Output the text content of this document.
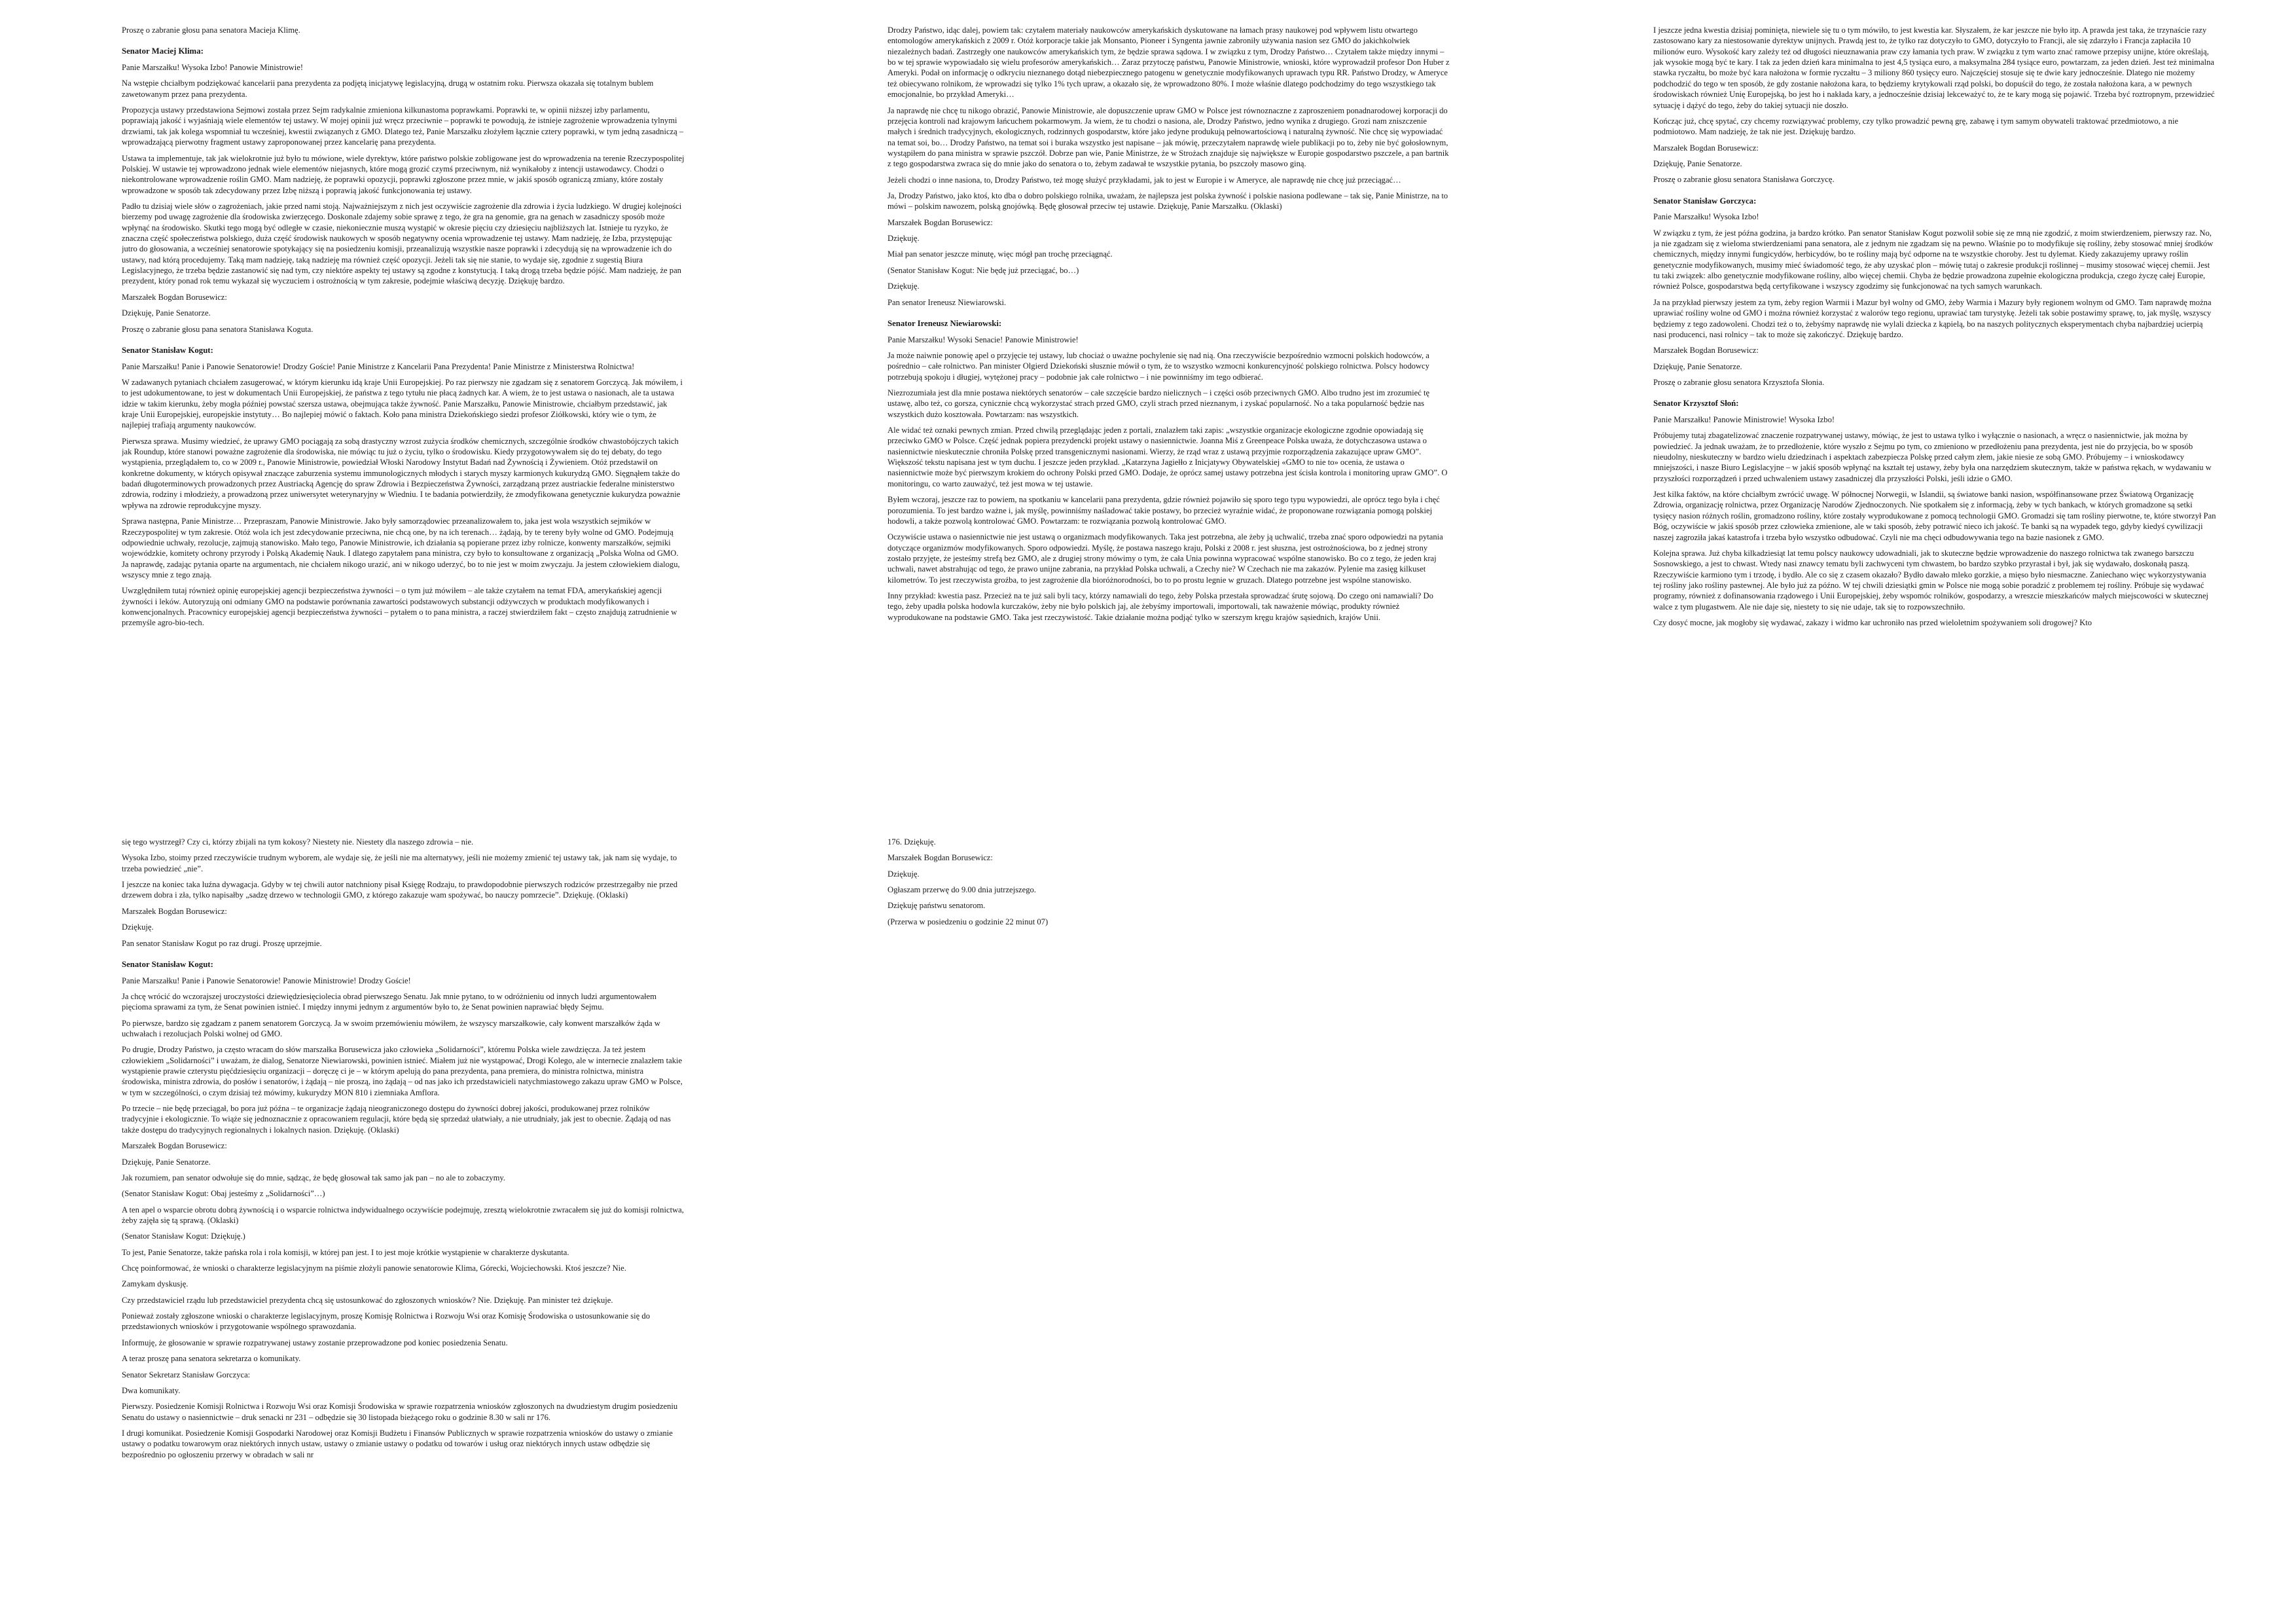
Proszę o zabranie głosu pana senatora Macieja Klimę.

Senator Maciej Klima:

Panie Marszałku! Wysoka Izbo! Panowie Ministrowie!

Na wstępie chciałbym podziękować kancelarii pana prezydenta za podjętą inicjatywę legislacyjną, drugą w ostatnim roku. Pierwsza okazała się totalnym bublem zawetowanym przez pana prezydenta.

Propozycja ustawy przedstawiona Sejmowi została przez Sejm radykalnie zmieniona kilkunastoma poprawkami. Poprawki te, w opinii niższej izby parlamentu, poprawiają jakość i wyjaśniają wiele elementów tej ustawy. W mojej opinii już wręcz przeciwnie – poprawki te powodują, że istnieje zagrożenie wprowadzenia tylnymi drzwiami, tak jak kolega wspomniał tu wcześniej, kwestii związanych z GMO. Dlatego też, Panie Marszałku złożyłem łącznie cztery poprawki, w tym jedną zasadniczą – wprowadzającą pierwotny fragment ustawy zaproponowanej przez kancelarię pana prezydenta.

Ustawa ta implementuje, tak jak wielokrotnie już było tu mówione, wiele dyrektyw, które państwo polskie zobligowane jest do wprowadzenia na terenie Rzeczypospolitej Polskiej. W ustawie tej wprowadzono jednak wiele elementów niejasnych, które mogą grozić czymś przeciwnym, niż wynikałoby z intencji ustawodawcy. Chodzi o niekontrolowane wprowadzenie roślin GMO. Mam nadzieję, że poprawki opozycji, poprawki zgłoszone przez mnie, w jakiś sposób ograniczą zmiany, które zostały wprowadzone w sposób tak zdecydowany przez Izbę niższą i poprawią jakość funkcjonowania tej ustawy.

Padło tu dzisiaj wiele słów o zagrożeniach, jakie przed nami stoją. Najważniejszym z nich jest oczywiście zagrożenie dla zdrowia i życia ludzkiego. W drugiej kolejności bierzemy pod uwagę zagrożenie dla środowiska zwierzęcego. Doskonale zdajemy sobie sprawę z tego, że gra na genomie, gra na genach w zasadniczy sposób może wpłynąć na środowisko. Skutki tego mogą być odległe w czasie, niekoniecznie muszą wystąpić w okresie pięciu czy dziesięciu najbliższych lat. Istnieje tu ryzyko, że znaczna część społeczeństwa polskiego, duża część środowisk naukowych w sposób negatywny ocenia wprowadzenie tej ustawy. Mam nadzieję, że Izba, przystępując jutro do głosowania, a wcześniej senatorowie spotykający się na posiedzeniu komisji, przeanalizują wszystkie nasze poprawki i zdecydują się na wprowadzenie ich do ustawy, nad którą procedujemy. Taką mam nadzieję, taką nadzieję ma również część opozycji. Jeżeli tak się nie stanie, to wydaje się, zgodnie z sugestią Biura Legislacyjnego, że trzeba będzie zastanowić się nad tym, czy niektóre aspekty tej ustawy są zgodne z konstytucją. I taką drogą trzeba będzie pójść. Mam nadzieję, że pan prezydent, który ponad rok temu wykazał się wyczuciem i ostrożnością w tym zakresie, podejmie właściwą decyzję. Dziękuję bardzo.

Marszałek Bogdan Borusewicz:

Dziękuję, Panie Senatorze.

Proszę o zabranie głosu pana senatora Stanisława Koguta.

Senator Stanisław Kogut:

Panie Marszałku! Panie i Panowie Senatorowie! Drodzy Goście! Panie Ministrze z Kancelarii Pana Prezydenta! Panie Ministrze z Ministerstwa Rolnictwa!

W zadawanych pytaniach chciałem zasugerować, w którym kierunku idą kraje Unii Europejskiej. Po raz pierwszy nie zgadzam się z senatorem Gorczycą. Jak mówiłem, i to jest udokumentowane, to jest w dokumentach Unii Europejskiej, że państwa z tego tytułu nie płacą żadnych kar. A wiem, że to jest ustawa o nasionach, ale ta ustawa idzie w takim kierunku, żeby mogła później powstać szersza ustawa, obejmująca także żywność. Panie Marszałku, Panowie Ministrowie, chciałbym przedstawić, jak kraje Unii Europejskiej, europejskie instytuty… Bo najlepiej mówić o faktach. Koło pana ministra Dziekońskiego siedzi profesor Ziółkowski, który wie o tym, że najlepiej trafiają argumenty naukowców.

Pierwsza sprawa. Musimy wiedzieć, że uprawy GMO pociągają za sobą drastyczny wzrost zużycia środków chemicznych, szczególnie środków chwastobójczych takich jak Roundup, które stanowi poważne zagrożenie dla środowiska, nie mówiąc tu już o życiu, tylko o środowisku. Kiedy przygotowywałem się do tej debaty, do tego wystąpienia, przeglądałem to, co w 2009 r., Panowie Ministrowie, powiedział Włoski Narodowy Instytut Badań nad Żywnością i Żywieniem. Otóż przedstawił on konkretne dokumenty, w których opisywał znaczące zaburzenia systemu immunologicznych młodych i starych myszy karmionych kukurydzą GMO. Sięgnąłem także do badań długoterminowych prowadzonych przez Austriacką Agencję do spraw Zdrowia i Bezpieczeństwa Żywności, zarządzaną przez austriackie federalne ministerstwo zdrowia, rodziny i młodzieży, a prowadzoną przez uniwersytet weterynaryjny w Wiedniu. I te badania potwierdziły, że zmodyfikowana genetycznie kukurydza poważnie wpływa na zdrowie reprodukcyjne myszy.

Sprawa następna, Panie Ministrze… Przepraszam, Panowie Ministrowie. Jako były samorządowiec przeanalizowałem to, jaka jest wola wszystkich sejmików w Rzeczypospolitej w tym zakresie. Otóż wola ich jest zdecydowanie przeciwna, nie chcą one, by na ich terenach… żądają, by te tereny były wolne od GMO. Podejmują odpowiednie uchwały, rezolucje, zajmują stanowisko. Mało tego, Panowie Ministrowie, ich działania są popierane przez izby rolnicze, konwenty marszałków, sejmiki wojewódzkie, komitety ochrony przyrody i Polską Akademię Nauk. I dlatego zapytałem pana ministra, czy było to konsultowane z organizacją „Polska Wolna od GMO. Ja naprawdę, zadając pytania oparte na argumentach, nie chciałem nikogo urazić, ani w nikogo uderzyć, bo to nie jest w moim zwyczaju. Ja jestem człowiekiem dialogu, wszyscy mnie z tego znają.

Uwzględniłem tutaj również opinię europejskiej agencji bezpieczeństwa żywności – o tym już mówiłem – ale także czytałem na temat FDA, amerykańskiej agencji żywności i leków. Autoryzują oni odmiany GMO na podstawie porównania zawartości podstawowych substancji odżywczych w produktach modyfikowanych i konwencjonalnych. Pracownicy europejskiej agencji bezpieczeństwa żywności – pytałem o to pana ministra, a raczej stwierdziłem fakt – często znajdują zatrudnienie w przemyśle agro-bio-tech.

Drodzy Państwo, idąc dalej, powiem tak: czytałem materiały naukowców amerykańskich dyskutowane na łamach prasy naukowej pod wpływem listu otwartego entomologów amerykańskich z 2009 r. Otóż korporacje takie jak Monsanto, Pioneer i Syngenta jawnie zabroniły używania nasion sez GMO do jakichkolwiek niezależnych badań. Zastrzegły one naukowców amerykańskich tym, że będzie sprawa sądowa. I w związku z tym, Drodzy Państwo… Czytałem także między innymi – bo w tej sprawie wypowiadało się wielu profesorów amerykańskich… Zaraz przytoczę państwu, Panowie Ministrowie, wnioski, które wyprowadził profesor Don Huber z Ameryki. Podał on informację o odkryciu nieznanego dotąd niebezpiecznego patogenu w genetycznie modyfikowanych uprawach typu RR. Państwo Drodzy, w Ameryce też obiecywano rolnikom, że wprowadzi się tylko 1% tych upraw, a okazało się, że wprowadzono 80%. I może właśnie dlatego podchodzimy do tego wszystkiego tak emocjonalnie, bo przykład Ameryki…

Ja naprawdę nie chcę tu nikogo obrazić, Panowie Ministrowie, ale dopuszczenie upraw GMO w Polsce jest równoznaczne z zaproszeniem ponadnarodowej korporacji do przejęcia kontroli nad krajowym łańcuchem pokarmowym. Ja wiem, że tu chodzi o nasiona, ale, Drodzy Państwo, jedno wynika z drugiego. Grozi nam zniszczenie małych i średnich tradycyjnych, ekologicznych, rodzinnych gospodarstw, które jako jedyne produkują pełnowartościową i naturalną żywność. Nie chcę się wypowiadać na temat soi, bo… Drodzy Państwo, na temat soi i buraka wszystko jest napisane – jak mówię, przeczytałem naprawdę wiele publikacji po to, żeby nie być gołosłownym, wystąpiłem do pana ministra w sprawie pszczół. Dobrze pan wie, Panie Ministrze, że w Strożach znajduje się największe w Europie gospodarstwo pszczele, a pan bartnik z tego gospodarstwa zwraca się do mnie jako do senatora o to, żebym zadawał te wszystkie pytania, bo pszczoły masowo giną.

Jeżeli chodzi o inne nasiona, to, Drodzy Państwo, też mogę służyć przykładami, jak to jest w Europie i w Ameryce, ale naprawdę nie chcę już przeciągać…

Ja, Drodzy Państwo, jako ktoś, kto dba o dobro polskiego rolnika, uważam, że najlepsza jest polska żywność i polskie nasiona podlewane – tak się, Panie Ministrze, na to mówi – polskim nawozem, polską gnojówką. Będę głosował przeciw tej ustawie. Dziękuję, Panie Marszałku. (Oklaski)

Marszałek Bogdan Borusewicz:

Dziękuję.

Miał pan senator jeszcze minutę, więc mógł pan trochę przeciągnąć.

(Senator Stanisław Kogut: Nie będę już przeciągać, bo…)

Dziękuję.

Pan senator Ireneusz Niewiarowski.

Senator Ireneusz Niewiarowski:

Panie Marszałku! Wysoki Senacie! Panowie Ministrowie!

Ja może naiwnie ponowię apel o przyjęcie tej ustawy, lub chociaż o uważne pochylenie się nad nią. Ona rzeczywiście bezpośrednio wzmocni polskich hodowców, a pośrednio – całe rolnictwo. Pan minister Olgierd Dziekoński słusznie mówił o tym, że to wszystko wzmocni konkurencyjność polskiego rolnictwa. Polscy hodowcy potrzebują spokoju i długiej, wytężonej pracy – podobnie jak całe rolnictwo – i nie powinniśmy im tego odbierać.

Niezrozumiała jest dla mnie postawa niektórych senatorów – całe szczęście bardzo nielicznych – i części osób przeciwnych GMO. Albo trudno jest im zrozumieć tę ustawę, albo też, co gorsza, cynicznie chcą wykorzystać strach przed GMO, czyli strach przed nieznanym, i zyskać popularność. No a taka popularność będzie nas wszystkich dużo kosztowała. Powtarzam: nas wszystkich.

Ale widać też oznaki pewnych zmian. Przed chwilą przeglądając jeden z portali, znalazłem taki zapis: „wszystkie organizacje ekologiczne zgodnie opowiadają się przeciwko GMO w Polsce. Część jednak popiera prezydencki projekt ustawy o nasiennictwie. Joanna Miś z Greenpeace Polska uważa, że dotychczasowa ustawa o nasiennictwie nieskutecznie chroniła Polskę przed transgenicznymi nasionami. Wierzy, że rząd wraz z ustawą przyjmie rozporządzenia zakazujące upraw GMO”. Większość tekstu napisana jest w tym duchu. I jeszcze jeden przykład. „Katarzyna Jagiełło z Inicjatywy Obywatelskiej «GMO to nie to» ocenia, że ustawa o nasiennictwie może być pierwszym krokiem do ochrony Polski przed GMO. Dodaje, że oprócz samej ustawy potrzebna jest ścisła kontrola i monitoring upraw GMO”. O monitoringu, co warto zauważyć, też jest mowa w tej ustawie.

Byłem wczoraj, jeszcze raz to powiem, na spotkaniu w kancelarii pana prezydenta, gdzie również pojawiło się sporo tego typu wypowiedzi, ale oprócz tego była i chęć porozumienia. To jest bardzo ważne i, jak myślę, powinniśmy naśladować takie postawy, bo przecież wyraźnie widać, że proponowane rozwiązania pomogą polskiej hodowli, a także pozwolą kontrolować GMO. Powtarzam: te rozwiązania pozwolą kontrolować GMO.

Oczywiście ustawa o nasiennictwie nie jest ustawą o organizmach modyfikowanych. Taka jest potrzebna, ale żeby ją uchwalić, trzeba znać sporo odpowiedzi na pytania dotyczące organizmów modyfikowanych. Sporo odpowiedzi. Myślę, że postawa naszego kraju, Polski z 2008 r. jest słuszna, jest ostrożnościowa, bo z jednej strony zostało przyjęte, że jesteśmy strefą bez GMO, ale z drugiej strony mówimy o tym, że cała Unia powinna wypracować wspólne stanowisko. Bo co z tego, że jeden kraj uchwali, nawet abstrahując od tego, że prawo unijne zabrania, na przykład Polska uchwali, a Czechy nie? W Czechach nie ma zakazów. Pylenie ma zasięg kilkuset kilometrów. To jest rzeczywista groźba, to jest zagrożenie dla bioróżnorodności, bo to po prostu legnie w gruzach. Dlatego potrzebne jest wspólne stanowisko.

Inny przykład: kwestia pasz. Przecież na te już sali byli tacy, którzy namawiali do tego, żeby Polska przestała sprowadzać śrutę sojową. Do czego oni namawiali? Do tego, żeby upadła polska hodowla kurczaków, żeby nie było polskich jaj, ale żebyśmy importowali, importowali, tak naważenie mówiąc, produkty również wyprodukowane na podstawie GMO. Taka jest rzeczywistość. Takie działanie można podjąć tylko w szerszym kręgu krajów sąsiednich, krajów Unii.

I jeszcze jedna kwestia dzisiaj pominięta, niewiele się tu o tym mówiło, to jest kwestia kar. Słyszałem, że kar jeszcze nie było itp. A prawda jest taka, że trzynaście razy zastosowano kary za niestosowanie dyrektyw unijnych. Prawdą jest to, że tylko raz dotyczyło to GMO, dotyczyło to Francji, ale się zdarzyło i Francja zapłaciła 10 milionów euro. Wysokość kary zależy też od długości nieuznawania praw czy łamania tych praw. W związku z tym warto znać ramowe przepisy unijne, które określają, jak wysokie mogą być te kary. I tak za jeden dzień kara minimalna to jest 4,5 tysiąca euro, a maksymalna 284 tysiące euro, powtarzam, za jeden dzień. Jest też minimalna stawka ryczałtu, bo może być kara nałożona w formie ryczałtu – 3 miliony 860 tysięcy euro. Najczęściej stosuje się te dwie kary jednocześnie. Dlatego nie możemy podchodzić do tego w ten sposób, że gdy zostanie nałożona kara, to będziemy krytykowali rząd polski, bo dopuścił do tego, że została nałożona kara, a w pewnych środowiskach również Unię Europejską, bo jest ho i nakłada kary, a jednocześnie dzisiaj lekceważyć to, że te kary mogą się pojawić. Trzeba być roztropnym, przewidzieć sytuację i dążyć do tego, żeby do takiej sytuacji nie doszło.

Kończąc już, chcę spytać, czy chcemy rozwiązywać problemy, czy tylko prowadzić pewną grę, zabawę i tym samym obywateli traktować przedmiotowo, a nie podmiotowo. Mam nadzieję, że tak nie jest. Dziękuję bardzo.

Marszałek Bogdan Borusewicz:

Dziękuję, Panie Senatorze.

Proszę o zabranie głosu senatora Stanisława Gorczycę.

Senator Stanisław Gorczyca:

Panie Marszałku! Wysoka Izbo!

W związku z tym, że jest późna godzina, ja bardzo krótko. Pan senator Stanisław Kogut pozwolił sobie się ze mną nie zgodzić, z moim stwierdzeniem, pierwszy raz. No, ja nie zgadzam się z wieloma stwierdzeniami pana senatora, ale z jednym nie zgadzam się na pewno. Właśnie po to modyfikuje się rośliny, żeby stosować mniej środków chemicznych, między innymi fungicydów, herbicydów, bo te rośliny mają być odporne na te wszystkie choroby. Jest tu dylemat. Kiedy zakazujemy uprawy roślin genetycznie modyfikowanych, musimy mieć świadomość tego, że aby uzyskać plon – mówię tutaj o zakresie produkcji roślinnej – musimy stosować więcej chemii. Jest tu taki związek: albo genetycznie modyfikowane rośliny, albo więcej chemii. Chyba że będzie prowadzona zupełnie ekologiczna produkcja, czego życzę całej Europie, również Polsce, gospodarstwa będą certyfikowane i wszyscy zgodzimy się funkcjonować na tych samych warunkach.

Ja na przykład pierwszy jestem za tym, żeby region Warmii i Mazur był wolny od GMO, żeby Warmia i Mazury były regionem wolnym od GMO. Tam naprawdę można uprawiać rośliny wolne od GMO i można również korzystać z walorów tego regionu, uprawiać tam turystykę. Jeżeli tak sobie postawimy sprawę, to, jak myślę, wszyscy będziemy z tego zadowoleni. Chodzi też o to, żebyśmy naprawdę nie wylali dziecka z kąpielą, bo na naszych politycznych eksperymentach chyba najbardziej ucierpią nasi producenci, nasi rolnicy – tak to może się zakończyć. Dziękuję bardzo.

Marszałek Bogdan Borusewicz:

Dziękuję, Panie Senatorze.

Proszę o zabranie głosu senatora Krzysztofa Słonia.

Senator Krzysztof Słoń:

Panie Marszałku! Panowie Ministrowie! Wysoka Izbo!

Próbujemy tutaj zbagatelizować znaczenie rozpatrywanej ustawy, mówiąc, że jest to ustawa tylko i wyłącznie o nasionach, a wręcz o nasiennictwie, jak można by powiedzieć. Ja jednak uważam, że to przedłożenie, które wyszło z Sejmu po tym, co zmieniono w przedłożeniu pana prezydenta, jest nie do przyjęcia, bo w sposób nieudolny, nieskuteczny w bardzo wielu dziedzinach i aspektach zabezpiecza Polskę przed całym złem, jakie niesie ze sobą GMO. Próbujemy – i wnioskodawcy mniejszości, i nasze Biuro Legislacyjne – w jakiś sposób wpłynąć na kształt tej ustawy, żeby była ona narzędziem skutecznym, także w państwa rękach, w wydawaniu w przyszłości rozporządzeń i przed uchwaleniem ustawy zasadniczej dla przyszłości Polski, jeśli idzie o GMO.

Jest kilka faktów, na które chciałbym zwrócić uwagę. W północnej Norwegii, w Islandii, są światowe banki nasion, współfinansowane przez Światową Organizację Zdrowia, organizację rolnictwa, przez Organizację Narodów Zjednoczonych. Nie spotkałem się z informacją, żeby w tych bankach, w których gromadzone są setki tysięcy nasion różnych roślin, gromadzono rośliny, które zostały wyprodukowane z pomocą technologii GMO. Gromadzi się tam rośliny pierwotne, te, które stworzył Pan Bóg, oczywiście w jakiś sposób przez człowieka zmienione, ale w taki sposób, żeby potrawić nieco ich jakość. Te banki są na wypadek tego, gdyby kiedyś cywilizacji naszej zagroziła jakaś katastrofa i trzeba było wszystko odbudować. Czyli nie ma chęci odbudowywania tego na bazie nasionek z GMO.

Kolejna sprawa. Już chyba kilkadziesiąt lat temu polscy naukowcy udowadniali, jak to skuteczne będzie wprowadzenie do naszego rolnictwa tak zwanego barszczu Sosnowskiego, a jest to chwast. Wtedy nasi znawcy tematu byli zachwyceni tym chwastem, bo bardzo szybko przyrastał i był, jak się wydawało, doskonałą paszą. Rzeczywiście karmiono tym i trzodę, i bydło. Ale co się z czasem okazało? Bydło dawało mleko gorzkie, a mięso było niesmaczne. Zaniechano więc wykorzystywania tej rośliny jako rośliny pastewnej. Ale było już za późno. W tej chwili dziesiątki gmin w Polsce nie mogą sobie poradzić z problemem tej rośliny. Próbuje się wydawać programy, również z dofinansowania rządowego i Unii Europejskiej, żeby wspomóc rolników, gospodarzy, a wreszcie mieszkańców małych miejscowości w skutecznej walce z tym plugastwem. Ale nie daje się, niestety to się nie udaje, tak się to rozpowszechniło.

Czy dosyć mocne, jak mogłoby się wydawać, zakazy i widmo kar uchroniło nas przed wieloletnim spożywaniem soli drogowej? Kto

się tego wystrzegł? Czy ci, którzy zbijali na tym kokosy? Niestety nie. Niestety dla naszego zdrowia – nie.

Wysoka Izbo, stoimy przed rzeczywiście trudnym wyborem, ale wydaje się, że jeśli nie ma alternatywy, jeśli nie możemy zmienić tej ustawy tak, jak nam się wydaje, to trzeba powiedzieć „nie”.

I jeszcze na koniec taka luźna dywagacja. Gdyby w tej chwili autor natchniony pisał Księgę Rodzaju, to prawdopodobnie pierwszych rodziców przestrzegałby nie przed drzewem dobra i zła, tylko napisałby „sadzę drzewo w technologii GMO, z którego zakazuje wam spożywać, bo nauczy pomrzecie”. Dziękuję. (Oklaski)

Marszałek Bogdan Borusewicz:

Dziękuję.

Pan senator Stanisław Kogut po raz drugi. Proszę uprzejmie.

Senator Stanisław Kogut:

Panie Marszałku! Panie i Panowie Senatorowie! Panowie Ministrowie! Drodzy Goście!

Ja chcę wrócić do wczorajszej uroczystości dziewiędziesięciolecia obrad pierwszego Senatu. Jak mnie pytano, to w odróżnieniu od innych ludzi argumentowałem pięcioma sprawami za tym, że Senat powinien istnieć. I między innymi jednym z argumentów było to, że Senat powinien naprawiać błędy Sejmu.

Po pierwsze, bardzo się zgadzam z panem senatorem Gorczycą. Ja w swoim przemówieniu mówiłem, że wszyscy marszałkowie, cały konwent marszałków żąda w uchwałach i rezolucjach Polski wolnej od GMO.

Po drugie, Drodzy Państwo, ja często wracam do słów marszałka Borusewicza jako człowieka „Solidarności”, któremu Polska wiele zawdzięcza. Ja też jestem człowiekiem „Solidarności” i uważam, że dialog, Senatorze Niewiarowski, powinien istnieć. Miałem już nie wystąpować, Drogi Kolego, ale w internecie znalazłem takie wystąpienie prawie czterystu pięćdziesięciu organizacji – doręczę ci je – w którym apelują do pana prezydenta, pana premiera, do ministra rolnictwa, ministra środowiska, ministra zdrowia, do posłów i senatorów, i żądają – nie proszą, ino żądają – od nas jako ich przedstawicieli natychmiastowego zakazu upraw GMO w Polsce, w tym w szczególności, o czym dzisiaj też mówimy, kukurydzy MON 810 i ziemniaka Amflora.

Po trzecie – nie będę przeciągał, bo pora już późna – te organizacje żądają nieograniczonego dostępu do żywności dobrej jakości, produkowanej przez rolników tradycyjnie i ekologicznie. To wiąże się jednoznacznie z opracowaniem regulacji, które będą się sprzedaż ułatwiały, a nie utrudniały, jak jest to obecnie. Żądają od nas także dostępu do tradycyjnych regionalnych i lokalnych nasion. Dziękuję. (Oklaski)

Marszałek Bogdan Borusewicz:

Dziękuję, Panie Senatorze.

Jak rozumiem, pan senator odwołuje się do mnie, sądząc, że będę głosował tak samo jak pan – no ale to zobaczymy.

(Senator Stanisław Kogut: Obaj jesteśmy z „Solidarności”…)

A ten apel o wsparcie obrotu dobrą żywnością i o wsparcie rolnictwa indywidualnego oczywiście podejmuję, zresztą wielokrotnie zwracałem się już do komisji rolnictwa, żeby zajęła się tą sprawą. (Oklaski)

(Senator Stanisław Kogut: Dziękuję.)

To jest, Panie Senatorze, także pańska rola i rola komisji, w której pan jest. I to jest moje krótkie wystąpienie w charakterze dyskutanta.

Chcę poinformować, że wnioski o charakterze legislacyjnym na piśmie złożyli panowie senatorowie Klima, Górecki, Wojciechowski. Ktoś jeszcze? Nie.

Zamykam dyskusję.

Czy przedstawiciel rządu lub przedstawiciel prezydenta chcą się ustosunkować do zgłoszonych wniosków? Nie. Dziękuję. Pan minister też dziękuje.

Ponieważ zostały zgłoszone wnioski o charakterze legislacyjnym, proszę Komisję Rolnictwa i Rozwoju Wsi oraz Komisję Środowiska o ustosunkowanie się do przedstawionych wniosków i przygotowanie wspólnego sprawozdania.

Informuję, że głosowanie w sprawie rozpatrywanej ustawy zostanie przeprowadzone pod koniec posiedzenia Senatu.

A teraz proszę pana senatora sekretarza o komunikaty.

Senator Sekretarz Stanisław Gorczyca:

Dwa komunikaty.

Pierwszy. Posiedzenie Komisji Rolnictwa i Rozwoju Wsi oraz Komisji Środowiska w sprawie rozpatrzenia wniosków zgłoszonych na dwudziestym drugim posiedzeniu Senatu do ustawy o nasiennictwie – druk senacki nr 231 – odbędzie się 30 listopada bieżącego roku o godzinie 8.30 w sali nr 176.

I drugi komunikat. Posiedzenie Komisji Gospodarki Narodowej oraz Komisji Budżetu i Finansów Publicznych w sprawie rozpatrzenia wniosków do ustawy o zmianie ustawy o podatku towarowym oraz niektórych innych ustaw, ustawy o zmianie ustawy o podatku od towarów i usług oraz niektórych innych ustaw odbędzie się bezpośrednio po ogłoszeniu przerwy w obradach w sali nr

176. Dziękuję.

Marszałek Bogdan Borusewicz:

Dziękuję.

Ogłaszam przerwę do 9.00 dnia jutrzejszego.

Dziękuję państwu senatorom.

(Przerwa w posiedzeniu o godzinie 22 minut 07)
